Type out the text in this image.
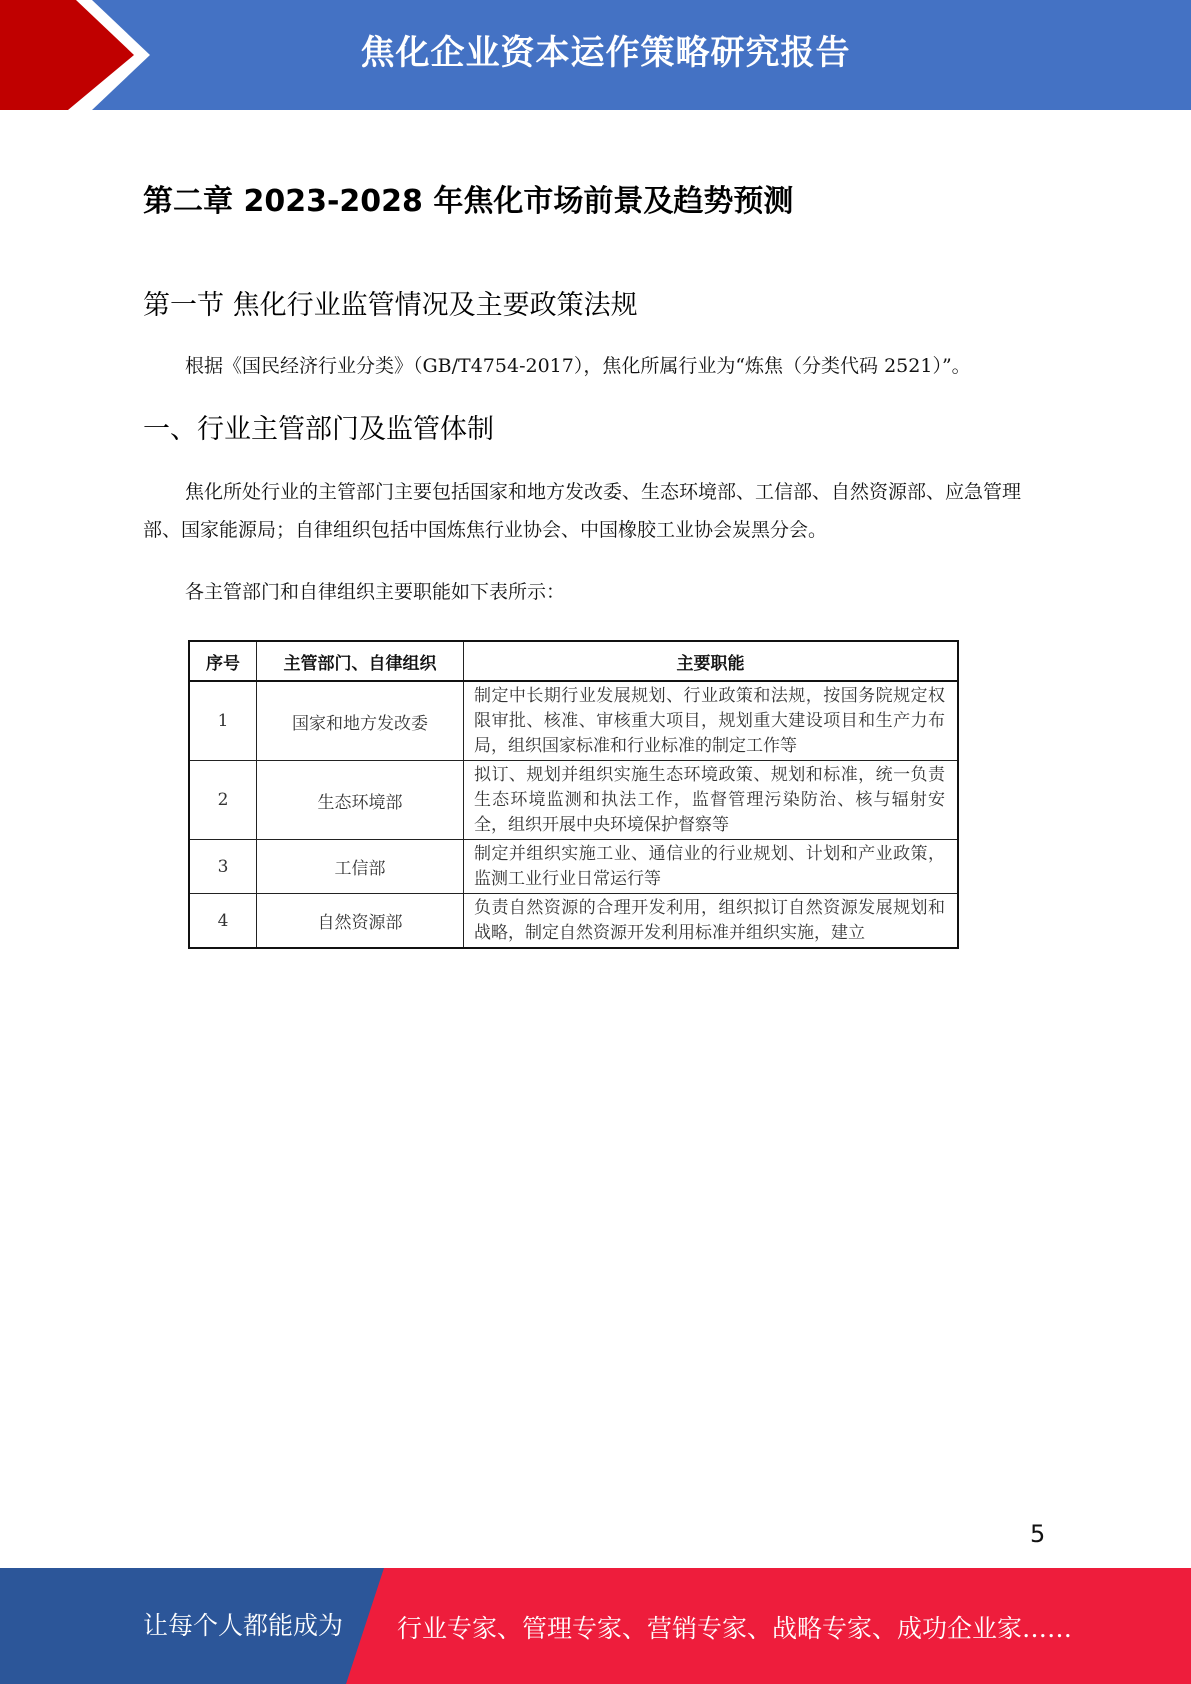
焦化企业资本运作策略研究报告
第二章 2023-2028 年焦化市场前景及趋势预测
第一节 焦化行业监管情况及主要政策法规

根据《国民经济行业分类》（GB/T4754-2017），焦化所属行业为“炼焦（分类代码 2521）”。

一、行业主管部门及监管体制

焦化所处行业的主管部门主要包括国家和地方发改委、生态环境部、工信部、自然资源部、应急管理部、国家能源局；自律组织包括中国炼焦行业协会、中国橡胶工业协会炭黑分会。

各主管部门和自律组织主要职能如下表所示：

序号	主管部门、自律组织	主要职能
1	国家和地方发改委	制定中长期行业发展规划、行业政策和法规，按国务院规定权限审批、核准、审核重大项目，规划重大建设项目和生产力布局，组织国家标准和行业标准的制定工作等
2	生态环境部	拟订、规划并组织实施生态环境政策、规划和标准，统一负责生态环境监测和执法工作，监督管理污染防治、核与辐射安全，组织开展中央环境保护督察等
3	工信部	制定并组织实施工业、通信业的行业规划、计划和产业政策，监测工业行业日常运行等
4	自然资源部	负责自然资源的合理开发利用，组织拟订自然资源发展规划和战略，制定自然资源开发利用标准并组织实施，建立
5
让每个人都能成为 行业专家、管理专家、营销专家、战略专家、成功企业家……
